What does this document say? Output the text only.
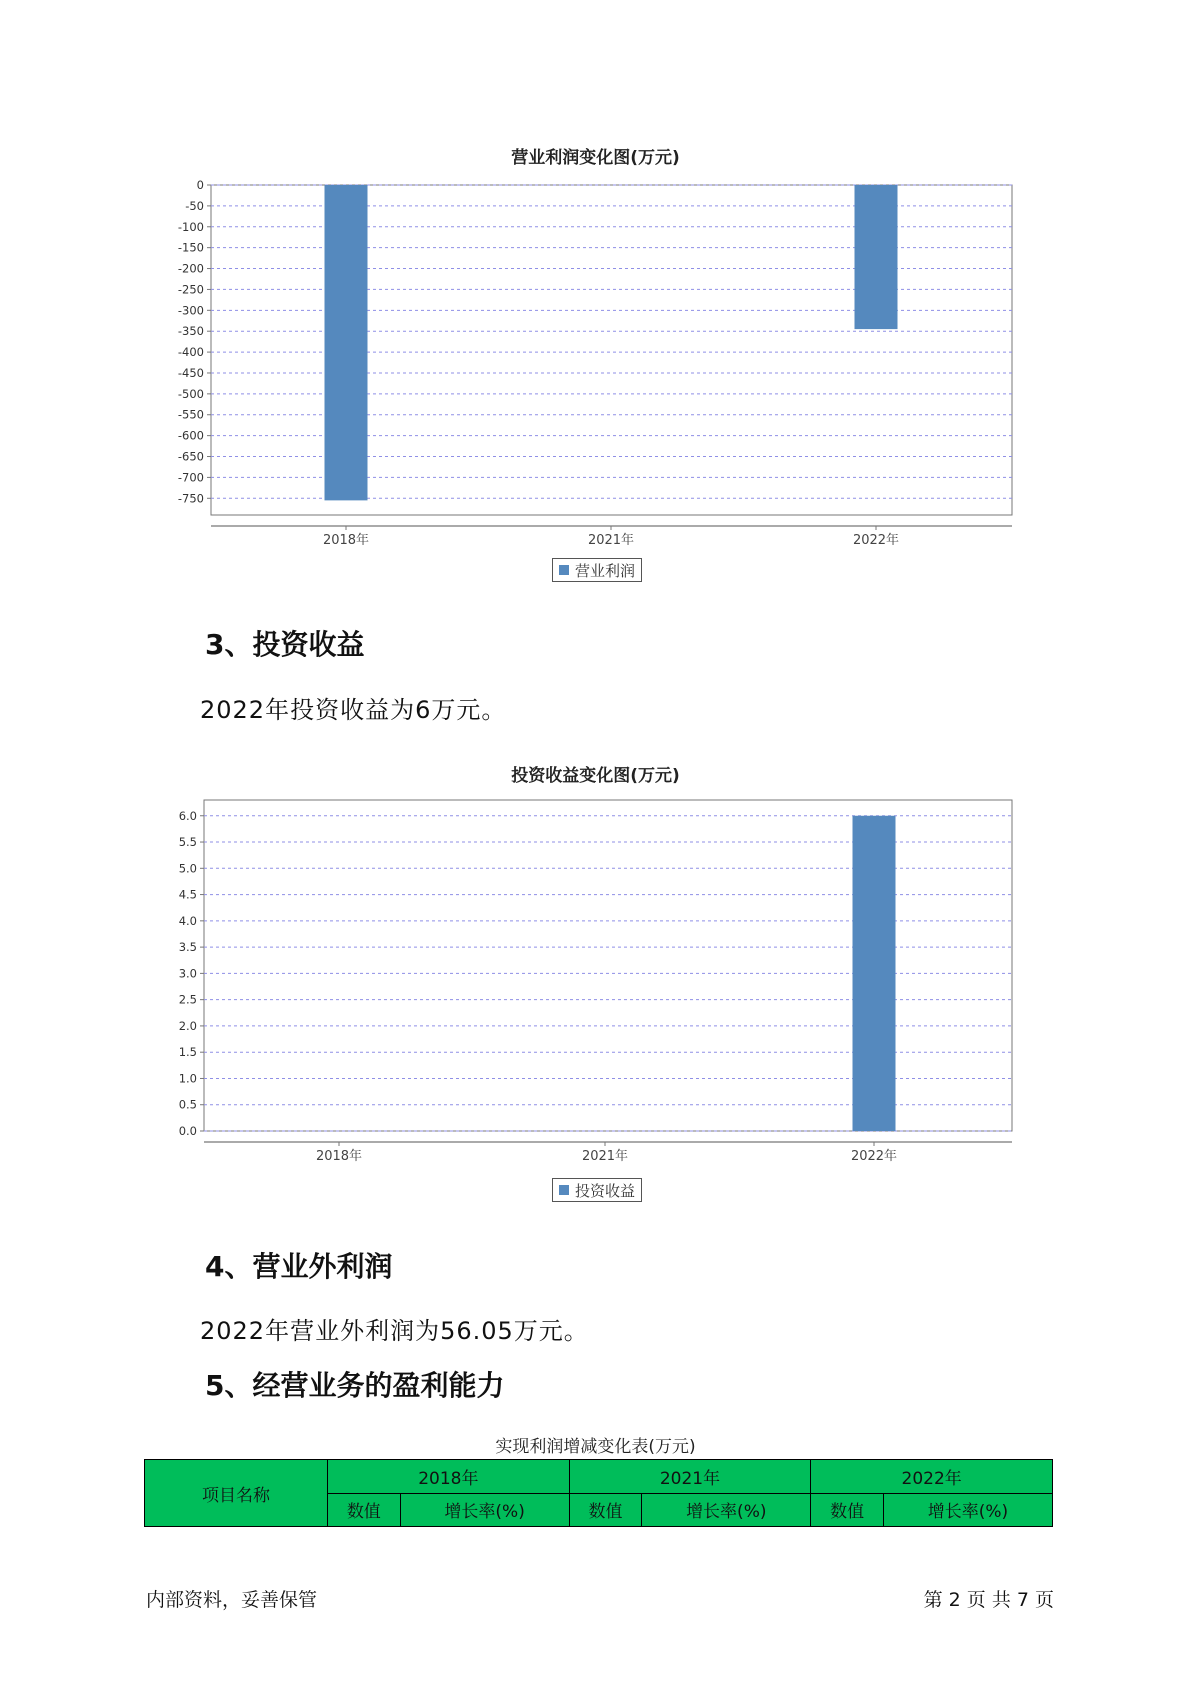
营业利润变化图(万元)
0
-50
-100
-150
-200
-250
-300
-350
-400
-450
-500
-550
-600
-650
-700
-750
2018年	2021年	2022年
营业利润
3、投资收益
2022年投资收益为6万元。
投资收益变化图(万元)
0.0
0.5
1.0
1.5
2.0
2.5
3.0
3.5
4.0
4.5
5.0
5.5
6.0
2018年	2021年	2022年
投资收益
4、营业外利润
2022年营业外利润为56.05万元。
5、经营业务的盈利能力
实现利润增减变化表(万元)
项目名称	2018年		2021年		2022年	
	数值	增长率(%)	数值	增长率(%)	数值	增长率(%)
内部资料，妥善保管	第 2 页 共 7 页
